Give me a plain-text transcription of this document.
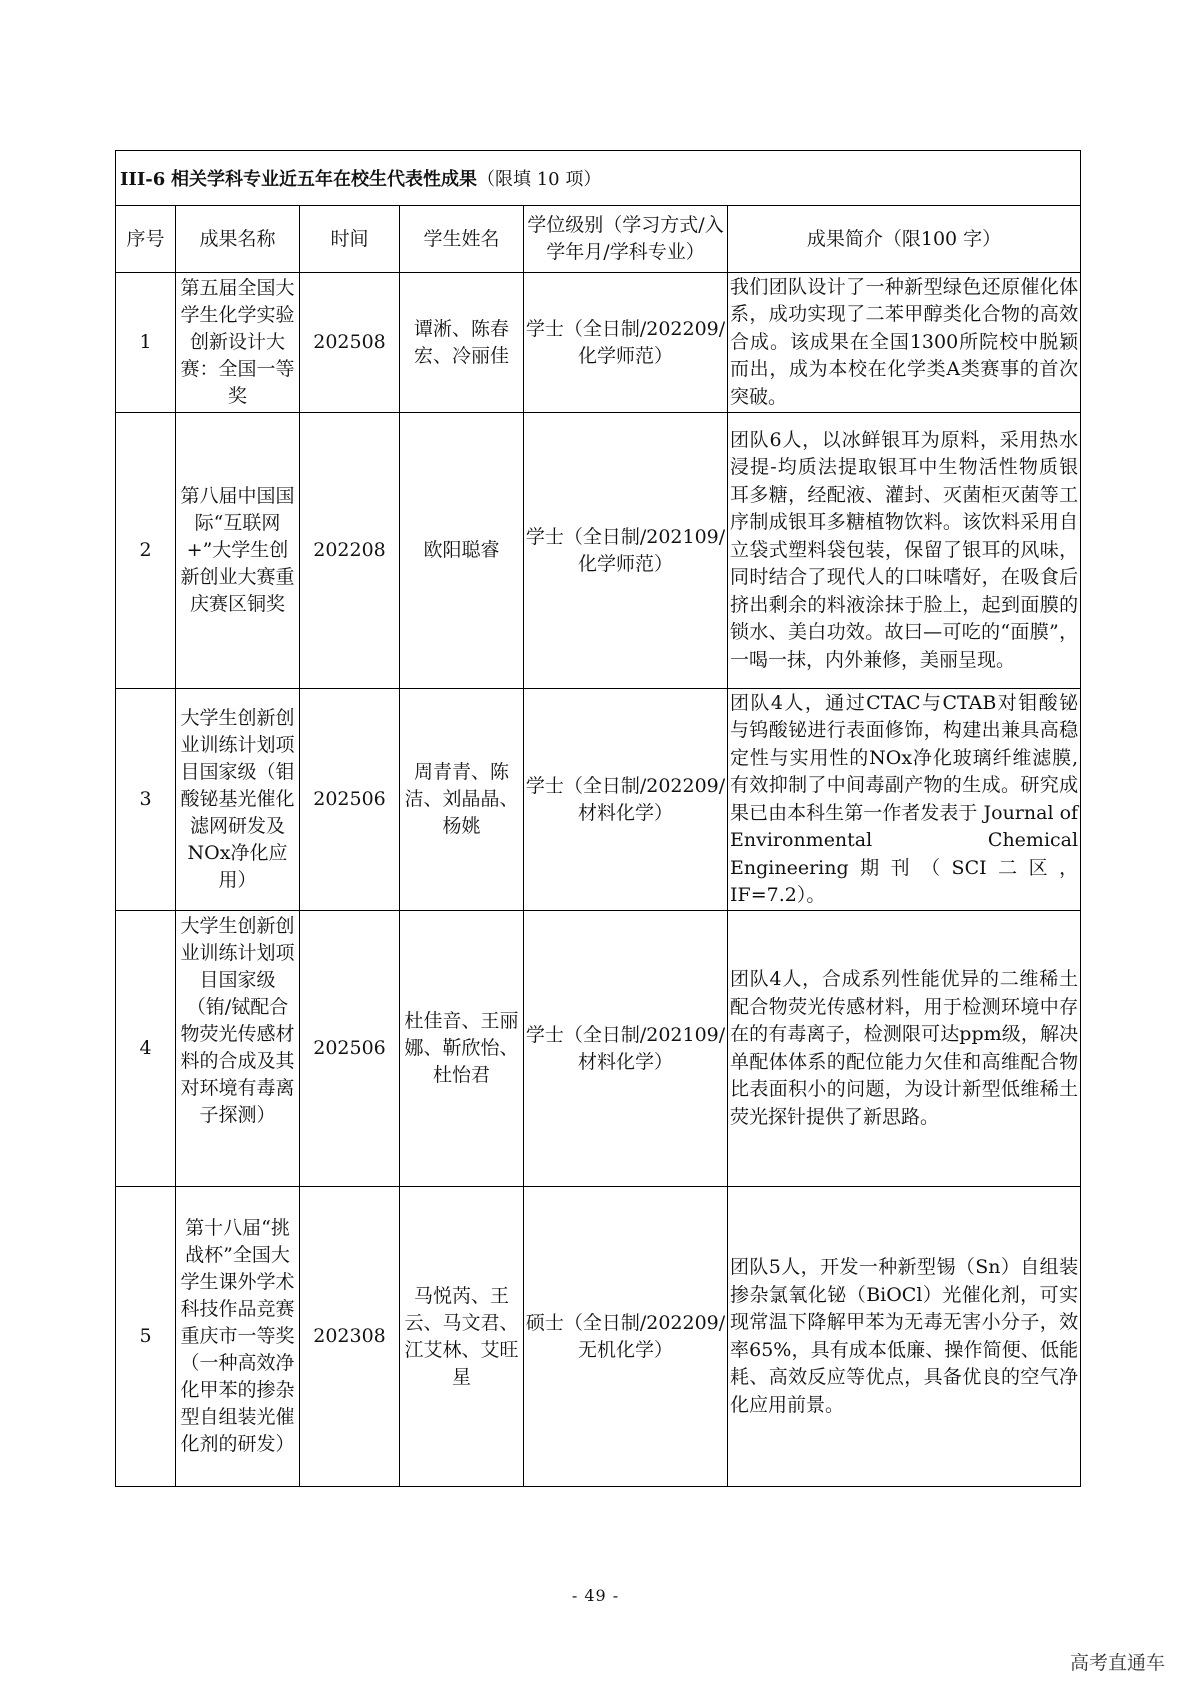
III-6 相关学科专业近五年在校生代表性成果（限填 10 项）					
序号	成果名称	时间	学生姓名	学位级别（学习方式/入学年月/学科专业）	成果简介（限100 字）
1	第五届全国大学生化学实验创新设计大赛：全国一等奖	202508	谭淅、陈春宏、冷丽佳	学士（全日制/202209/化学师范）	我们团队设计了一种新型绿色还原催化体系，成功实现了二苯甲醇类化合物的高效合成。该成果在全国1300所院校中脱颖而出，成为本校在化学类A类赛事的首次突破。
2	第八届中国国际“互联网+”大学生创新创业大赛重庆赛区铜奖	202208	欧阳聪睿	学士（全日制/202109/化学师范）	团队6人，以冰鲜银耳为原料，采用热水浸提-均质法提取银耳中生物活性物质银耳多糖，经配液、灌封、灭菌柜灭菌等工序制成银耳多糖植物饮料。该饮料采用自立袋式塑料袋包装，保留了银耳的风味，同时结合了现代人的口味嗜好，在吸食后挤出剩余的料液涂抹于脸上，起到面膜的锁水、美白功效。故曰—可吃的“面膜”，一喝一抹，内外兼修，美丽呈现。
3	大学生创新创业训练计划项目国家级（钼酸铋基光催化滤网研发及NOx净化应用）	202506	周青青、陈洁、刘晶晶、杨姚	学士（全日制/202209/材料化学）	团队4人，通过CTAC与CTAB对钼酸铋与钨酸铋进行表面修饰，构建出兼具高稳定性与实用性的NOx净化玻璃纤维滤膜,有效抑制了中间毒副产物的生成。研究成果已由本科生第一作者发表于 Journal of Environmental Chemical Engineering期刊（SCI二区，IF=7.2）。
4	大学生创新创业训练计划项目国家级（铕/铽配合物荧光传感材料的合成及其对环境有毒离子探测）	202506	杜佳音、王丽娜、靳欣怡、杜怡君	学士（全日制/202109/材料化学）	团队4人，合成系列性能优异的二维稀土配合物荧光传感材料，用于检测环境中存在的有毒离子，检测限可达ppm级，解决单配体体系的配位能力欠佳和高维配合物比表面积小的问题，为设计新型低维稀土荧光探针提供了新思路。
5	第十八届“挑战杯”全国大学生课外学术科技作品竞赛重庆市一等奖（一种高效净化甲苯的掺杂型自组装光催化剂的研发）	202308	马悦芮、王云、马文君、江艾林、艾旺星	硕士（全日制/202209/无机化学）	团队5人，开发一种新型锡（Sn）自组装掺杂氯氧化铋（BiOCl）光催化剂，可实现常温下降解甲苯为无毒无害小分子，效率65%，具有成本低廉、操作简便、低能耗、高效反应等优点，具备优良的空气净化应用前景。
- 49 -
高考直通车
